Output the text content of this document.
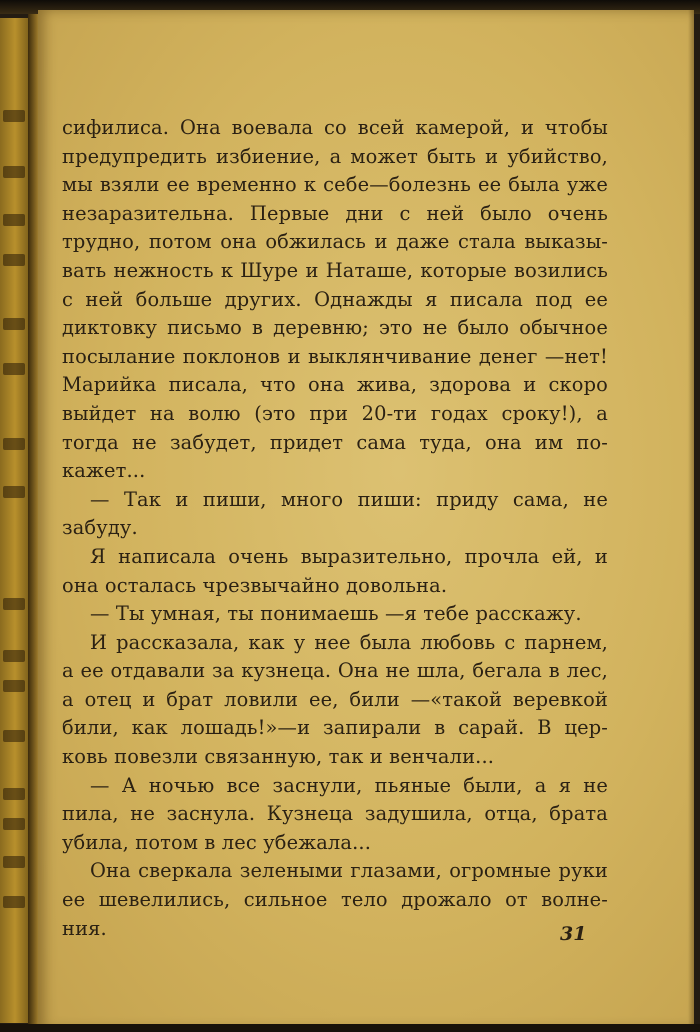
сифилиса. Она воевала со всей камерой, и чтобы
предупредить избиение, а может быть и убийство,
мы взяли ее временно к себе—болезнь ее была уже
незаразительна. Первые дни с ней было очень
трудно, потом она обжилась и даже стала выказы-
вать нежность к Шуре и Наташе, которые возились
с ней больше других. Однажды я писала под ее
диктовку письмо в деревню; это не было обычное
посылание поклонов и выклянчивание денег —нет!
Марийка писала, что она жива, здорова и скоро
выйдет на волю (это при 20-ти годах сроку!), а
тогда не забудет, придет сама туда, она им по-
кажет...
— Так и пиши, много пиши: приду сама, не
забуду.
Я написала очень выразительно, прочла ей, и
она осталась чрезвычайно довольна.
— Ты умная, ты понимаешь —я тебе расскажу.
И рассказала, как у нее была любовь с парнем,
а ее отдавали за кузнеца. Она не шла, бегала в лес,
а отец и брат ловили ее, били —«такой веревкой
били, как лошадь!»—и запирали в сарай. В цер-
ковь повезли связанную, так и венчали...
— А ночью все заснули, пьяные были, а я не
пила, не заснула. Кузнеца задушила, отца, брата
убила, потом в лес убежала...
Она сверкала зелеными глазами, огромные руки
ее шевелились, сильное тело дрожало от волне-
ния.	31
